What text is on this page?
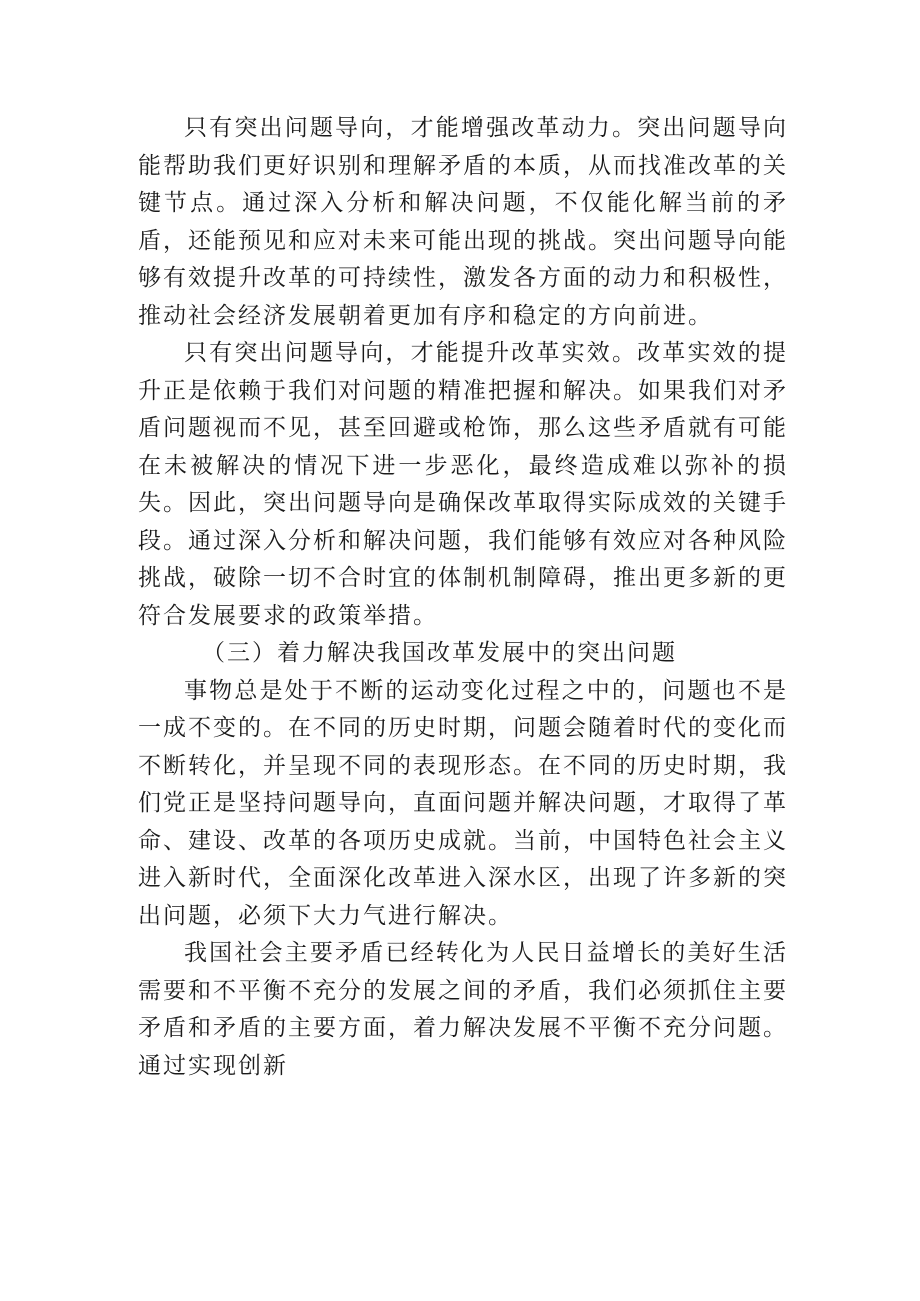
只有突出问题导向，才能增强改革动力。突出问题导向能帮助我们更好识别和理解矛盾的本质，从而找准改革的关键节点。通过深入分析和解决问题，不仅能化解当前的矛盾，还能预见和应对未来可能出现的挑战。突出问题导向能够有效提升改革的可持续性，激发各方面的动力和积极性，推动社会经济发展朝着更加有序和稳定的方向前进。

只有突出问题导向，才能提升改革实效。改革实效的提升正是依赖于我们对问题的精准把握和解决。如果我们对矛盾问题视而不见，甚至回避或枪饰，那么这些矛盾就有可能在未被解决的情况下进一步恶化，最终造成难以弥补的损失。因此，突出问题导向是确保改革取得实际成效的关键手段。通过深入分析和解决问题，我们能够有效应对各种风险挑战，破除一切不合时宜的体制机制障碍，推出更多新的更符合发展要求的政策举措。

（三）着力解决我国改革发展中的突出问题

事物总是处于不断的运动变化过程之中的，问题也不是一成不变的。在不同的历史时期，问题会随着时代的变化而不断转化，并呈现不同的表现形态。在不同的历史时期，我们党正是坚持问题导向，直面问题并解决问题，才取得了革命、建设、改革的各项历史成就。当前，中国特色社会主义进入新时代，全面深化改革进入深水区，出现了许多新的突出问题，必须下大力气进行解决。

我国社会主要矛盾已经转化为人民日益增长的美好生活需要和不平衡不充分的发展之间的矛盾，我们必须抓住主要矛盾和矛盾的主要方面，着力解决发展不平衡不充分问题。通过实现创新
